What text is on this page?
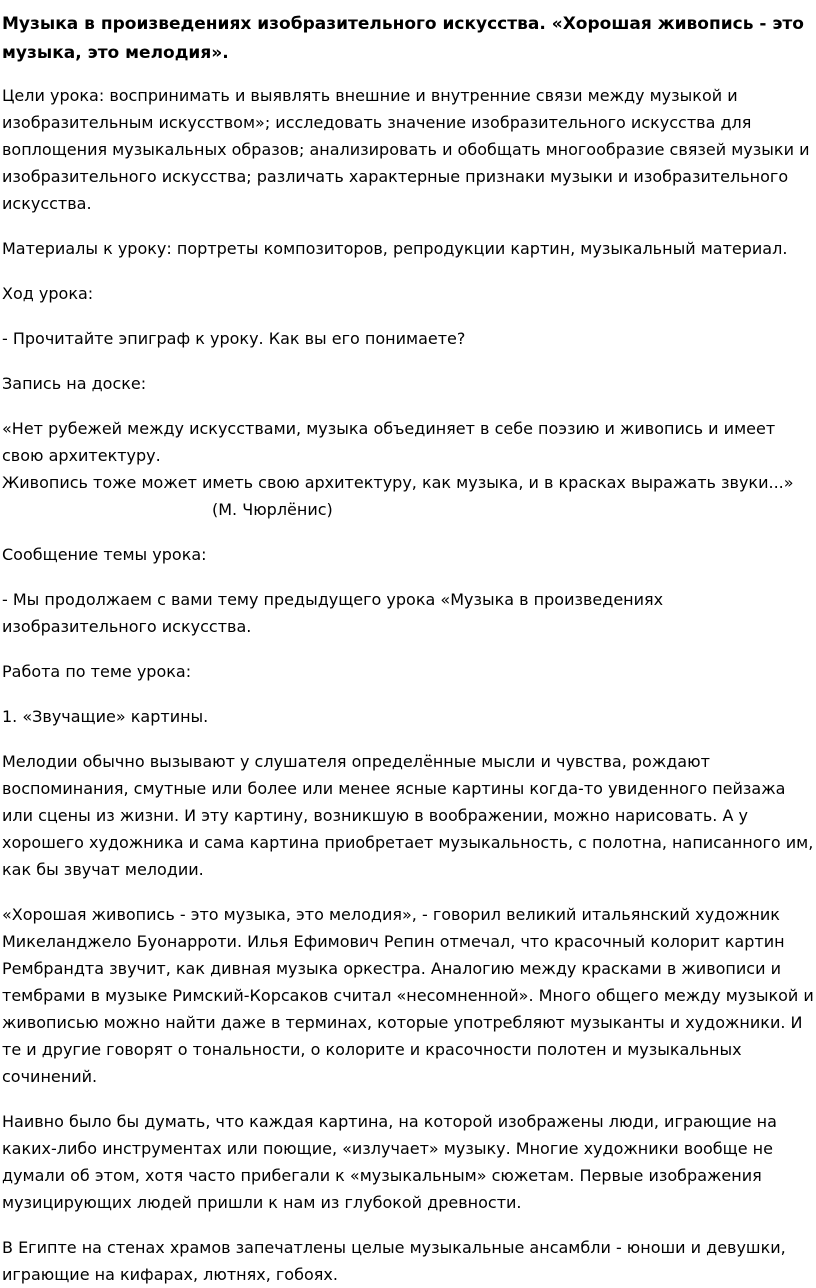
Музыка в произведениях изобразительного искусства. «Хорошая живопись - это музыка, это мелодия».
Цели урока: воспринимать и выявлять внешние и внутренние связи между музыкой и изобразительным искусством»; исследовать значение изобразительного искусства для воплощения музыкальных образов; анализировать и обобщать многообразие связей музыки и изобразительного искусства; различать характерные признаки музыки и изобразительного искусства.
Материалы к уроку: портреты композиторов, репродукции картин, музыкальный материал.
Ход урока:
- Прочитайте эпиграф к уроку. Как вы его понимаете?
Запись на доске:
«Нет рубежей между искусствами, музыка объединяет в себе поэзию и живопись и имеет свою архитектуру.
Живопись тоже может иметь свою архитектуру, как музыка, и в красках выражать звуки...»
(М. Чюрлёнис)
Сообщение темы урока:
- Мы продолжаем с вами тему предыдущего урока «Музыка в произведениях изобразительного искусства.
Работа по теме урока:
1. «Звучащие» картины.
Мелодии обычно вызывают у слушателя определённые мысли и чувства, рождают воспоминания, смутные или более или менее ясные картины когда-то увиденного пейзажа или сцены из жизни. И эту картину, возникшую в воображении, можно нарисовать. А у хорошего художника и сама картина приобретает музыкальность, с полотна, написанного им, как бы звучат мелодии.
«Хорошая живопись - это музыка, это мелодия», - говорил великий итальянский художник Микеланджело Буонарроти. Илья Ефимович Репин отмечал, что красочный колорит картин Рембрандта звучит, как дивная музыка оркестра. Аналогию между красками в живописи и тембрами в музыке Римский-Корсаков считал «несомненной». Много общего между музыкой и живописью можно найти даже в терминах, которые употребляют музыканты и художники. И те и другие говорят о тональности, о колорите и красочности полотен и музыкальных сочинений.
Наивно было бы думать, что каждая картина, на которой изображены люди, играющие на каких-либо инструментах или поющие, «излучает» музыку. Многие художники вообще не думали об этом, хотя часто прибегали к «музыкальным» сюжетам. Первые изображения музицирующих людей пришли к нам из глубокой древности.
В Египте на стенах храмов запечатлены целые музыкальные ансамбли - юноши и девушки, играющие на кифарах, лютнях, гобоях.
